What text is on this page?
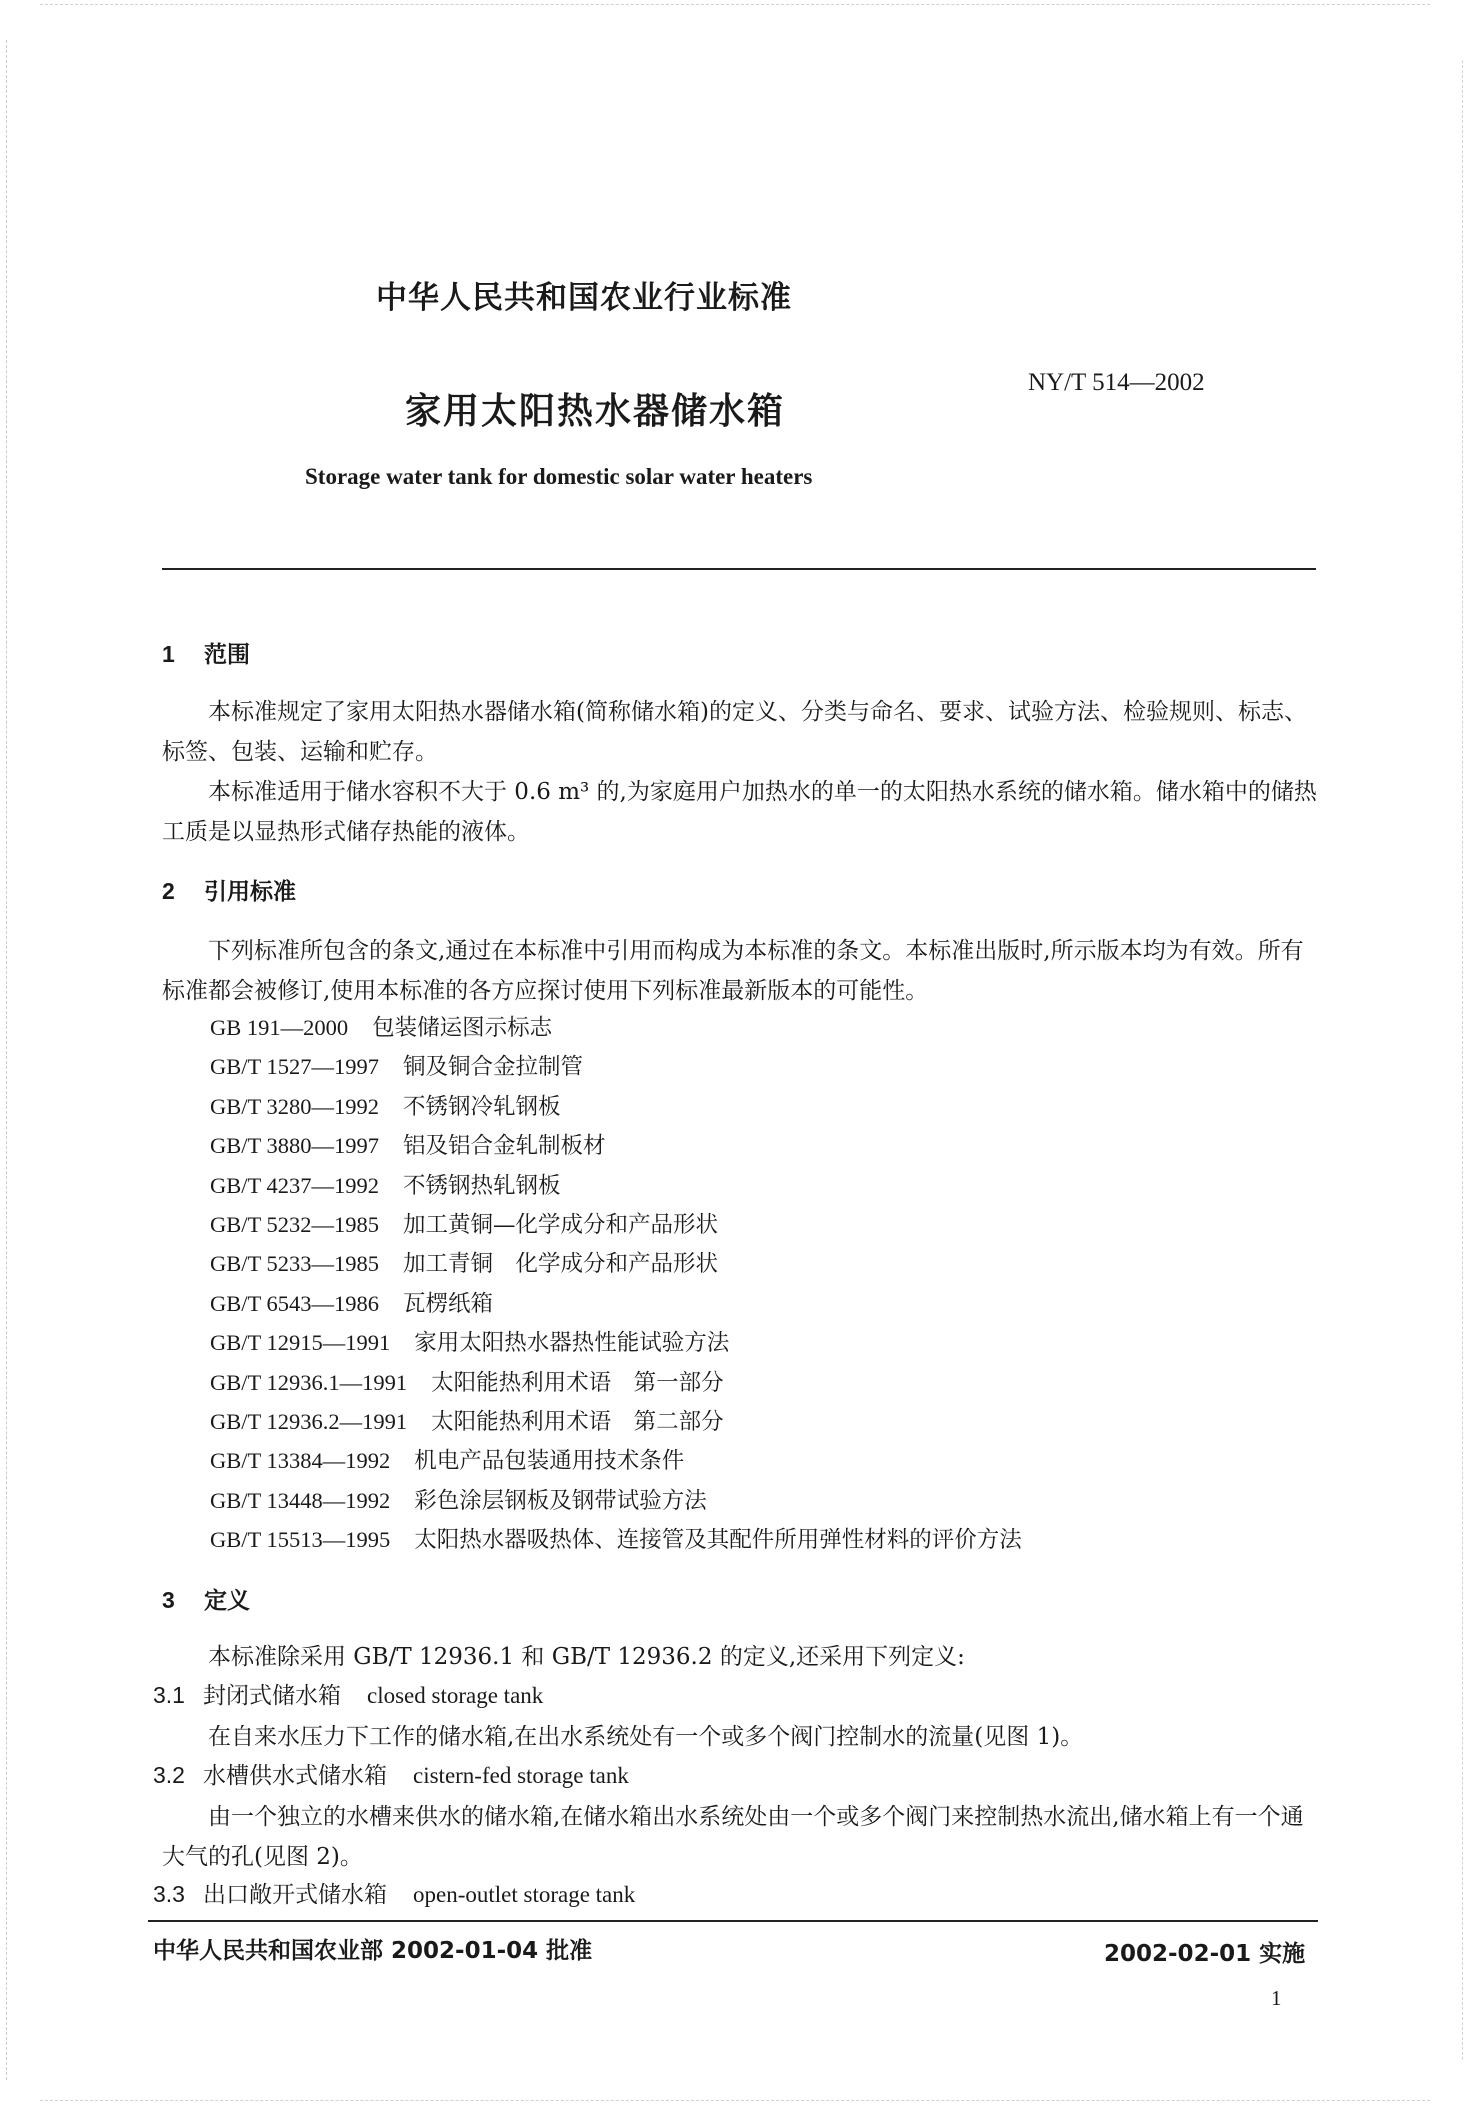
中华人民共和国农业行业标准
NY/T 514—2002
家用太阳热水器储水箱
Storage water tank for domestic solar water heaters
1 范围
本标准规定了家用太阳热水器储水箱(简称储水箱)的定义、分类与命名、要求、试验方法、检验规则、标志、标签、包装、运输和贮存。
本标准适用于储水容积不大于 0.6 m³ 的,为家庭用户加热水的单一的太阳热水系统的储水箱。储水箱中的储热工质是以显热形式储存热能的液体。
2 引用标准
下列标准所包含的条文,通过在本标准中引用而构成为本标准的条文。本标准出版时,所示版本均为有效。所有标准都会被修订,使用本标准的各方应探讨使用下列标准最新版本的可能性。
GB 191—2000 包装储运图示标志
GB/T 1527—1997 铜及铜合金拉制管
GB/T 3280—1992 不锈钢冷轧钢板
GB/T 3880—1997 铝及铝合金轧制板材
GB/T 4237—1992 不锈钢热轧钢板
GB/T 5232—1985 加工黄铜—化学成分和产品形状
GB/T 5233—1985 加工青铜　化学成分和产品形状
GB/T 6543—1986 瓦楞纸箱
GB/T 12915—1991 家用太阳热水器热性能试验方法
GB/T 12936.1—1991 太阳能热利用术语　第一部分
GB/T 12936.2—1991 太阳能热利用术语　第二部分
GB/T 13384—1992 机电产品包装通用技术条件
GB/T 13448—1992 彩色涂层钢板及钢带试验方法
GB/T 15513—1995 太阳热水器吸热体、连接管及其配件所用弹性材料的评价方法
3 定义
本标准除采用 GB/T 12936.1 和 GB/T 12936.2 的定义,还采用下列定义:
3.1 封闭式储水箱 closed storage tank
在自来水压力下工作的储水箱,在出水系统处有一个或多个阀门控制水的流量(见图 1)。
3.2 水槽供水式储水箱 cistern-fed storage tank
由一个独立的水槽来供水的储水箱,在储水箱出水系统处由一个或多个阀门来控制热水流出,储水箱上有一个通大气的孔(见图 2)。
3.3 出口敞开式储水箱 open-outlet storage tank
中华人民共和国农业部 2002-01-04 批准	2002-02-01 实施
1
